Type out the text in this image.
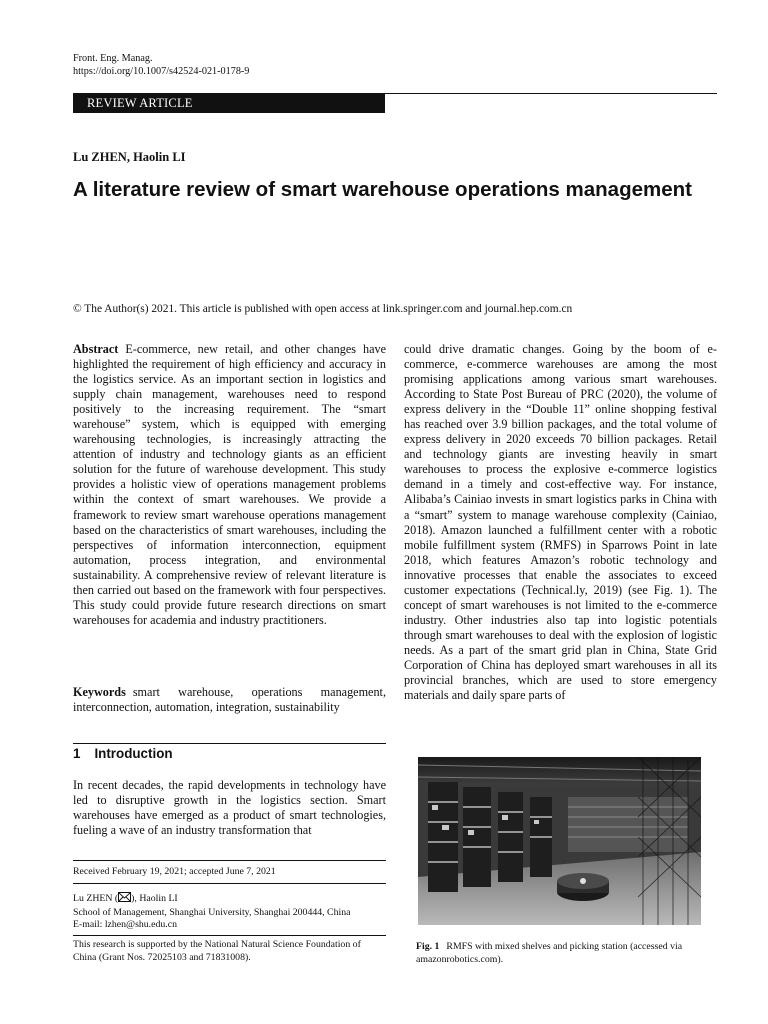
Front. Eng. Manag.
https://doi.org/10.1007/s42524-021-0178-9
REVIEW ARTICLE
Lu ZHEN, Haolin LI
A literature review of smart warehouse operations management
© The Author(s) 2021. This article is published with open access at link.springer.com and journal.hep.com.cn

Abstract E-commerce, new retail, and other changes have highlighted the requirement of high efficiency and accuracy in the logistics service. As an important section in logistics and supply chain management, warehouses need to respond positively to the increasing requirement. The “smart warehouse” system, which is equipped with emerging warehousing technologies, is increasingly attracting the attention of industry and technology giants as an efficient solution for the future of warehouse development. This study provides a holistic view of operations management problems within the context of smart warehouses. We provide a framework to review smart warehouse operations management based on the characteristics of smart warehouses, including the perspectives of information interconnection, equipment automation, process integration, and environmental sustainability. A comprehensive review of relevant literature is then carried out based on the framework with four perspectives. This study could provide future research directions on smart warehouses for academia and industry practitioners.

Keywords smart warehouse, operations management, interconnection, automation, integration, sustainability

1 Introduction

In recent decades, the rapid developments in technology have led to disruptive growth in the logistics section. Smart warehouses have emerged as a product of smart technologies, fueling a wave of an industry transformation that

Received February 19, 2021; accepted June 7, 2021
Lu ZHEN ( ), Haolin LI
School of Management, Shanghai University, Shanghai 200444, China
E-mail: lzhen@shu.edu.cn
This research is supported by the National Natural Science Foundation of China (Grant Nos. 72025103 and 71831008).

could drive dramatic changes. Going by the boom of e-commerce, e-commerce warehouses are among the most promising applications among various smart warehouses. According to State Post Bureau of PRC (2020), the volume of express delivery in the “Double 11” online shopping festival has reached over 3.9 billion packages, and the total volume of express delivery in 2020 exceeds 70 billion packages. Retail and technology giants are investing heavily in smart warehouses to process the explosive e-commerce logistics demand in a timely and cost-effective way. For instance, Alibaba’s Cainiao invests in smart logistics parks in China with a “smart” system to manage warehouse complexity (Cainiao, 2018). Amazon launched a fulfillment center with a robotic mobile fulfillment system (RMFS) in Sparrows Point in late 2018, which features Amazon’s robotic technology and innovative processes that enable the associates to exceed customer expectations (Technical.ly, 2019) (see Fig. 1). The concept of smart warehouses is not limited to the e-commerce industry. Other industries also tap into logistic potentials through smart warehouses to deal with the explosion of logistic needs. As a part of the smart grid plan in China, State Grid Corporation of China has deployed smart warehouses in all its provincial branches, which are used to store emergency materials and daily spare parts of

Fig. 1 RMFS with mixed shelves and picking station (accessed via amazonrobotics.com).
